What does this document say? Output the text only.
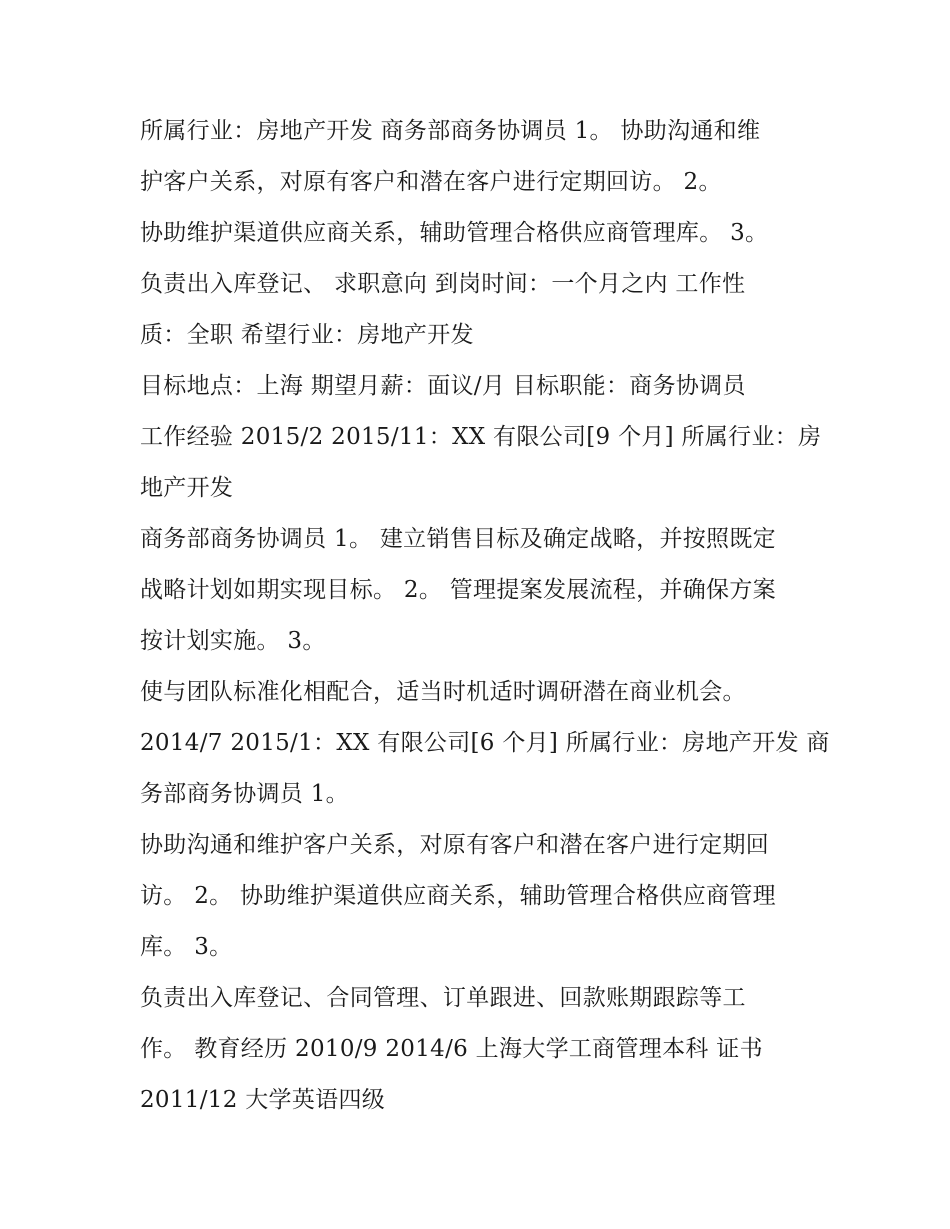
所属行业：房地产开发 商务部商务协调员 1。 协助沟通和维
护客户关系，对原有客户和潜在客户进行定期回访。 2。
协助维护渠道供应商关系，辅助管理合格供应商管理库。 3。
负责出入库登记、 求职意向 到岗时间：一个月之内 工作性
质：全职 希望行业：房地产开发
目标地点：上海 期望月薪：面议/月 目标职能：商务协调员
工作经验 2015/2 2015/11：XX 有限公司[9 个月] 所属行业：房
地产开发
商务部商务协调员 1。 建立销售目标及确定战略，并按照既定
战略计划如期实现目标。 2。 管理提案发展流程，并确保方案
按计划实施。 3。
使与团队标准化相配合，适当时机适时调研潜在商业机会。
2014/7 2015/1：XX 有限公司[6 个月] 所属行业：房地产开发 商
务部商务协调员 1。
协助沟通和维护客户关系，对原有客户和潜在客户进行定期回
访。 2。 协助维护渠道供应商关系，辅助管理合格供应商管理
库。 3。
负责出入库登记、合同管理、订单跟进、回款账期跟踪等工
作。 教育经历 2010/9 2014/6 上海大学工商管理本科 证书
2011/12 大学英语四级
